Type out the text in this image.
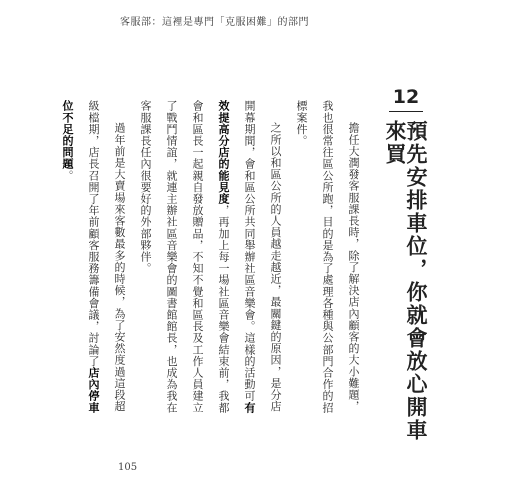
客服部：這裡是專門「克服困難」的部門
12
預先安排車位，你就會放心開車來買

擔任大潤發客服課長時，除了解決店內顧客的大小難題，我也很常往區公所跑，目的是為了處理各種與公部門合作的招標案件。

之所以和區公所的人員越走越近，最關鍵的原因，是分店開幕期間，會和區公所共同舉辦社區音樂會。這樣的活動可有效提高分店的能見度，再加上每一場社區音樂會結束前，我都會和區長一起親自發放贈品，不知不覺和區長及工作人員建立了戰鬥情誼，就連主辦社區音樂會的圖書館館長，也成為我在客服課長任內很要好的外部夥伴。

過年前是大賣場來客數最多的時候，為了安然度過這段超級檔期，店長召開了年前顧客服務籌備會議，討論了店內停車位不足的問題。

105
